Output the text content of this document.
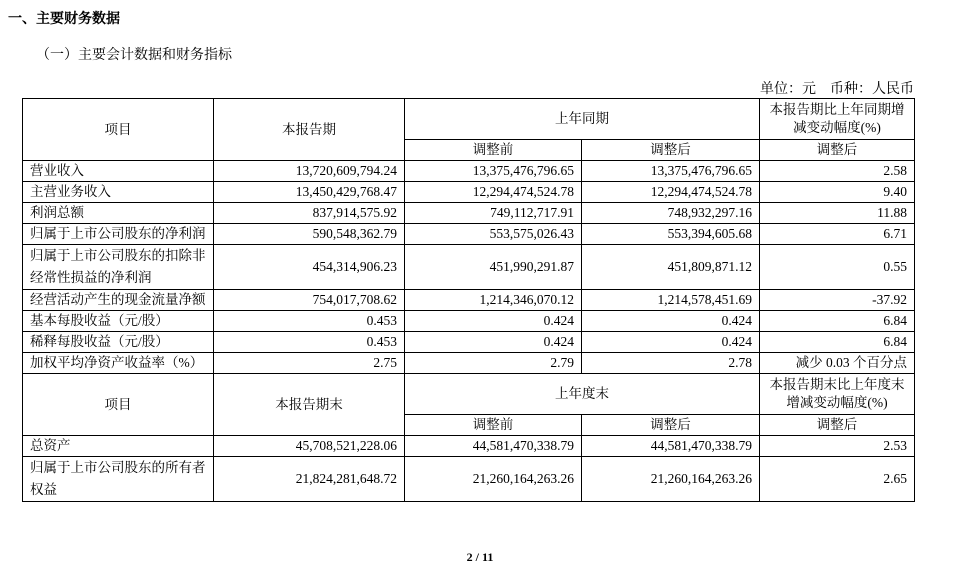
一、主要财务数据
（一）主要会计数据和财务指标
单位：元　币种：人民币
项目	本报告期	上年同期		本报告期比上年同期增减变动幅度(%)
		调整前	调整后	调整后
营业收入	13,720,609,794.24	13,375,476,796.65	13,375,476,796.65	2.58
主营业务收入	13,450,429,768.47	12,294,474,524.78	12,294,474,524.78	9.40
利润总额	837,914,575.92	749,112,717.91	748,932,297.16	11.88
归属于上市公司股东的净利润	590,548,362.79	553,575,026.43	553,394,605.68	6.71
归属于上市公司股东的扣除非经常性损益的净利润	454,314,906.23	451,990,291.87	451,809,871.12	0.55
经营活动产生的现金流量净额	754,017,708.62	1,214,346,070.12	1,214,578,451.69	-37.92
基本每股收益（元/股）	0.453	0.424	0.424	6.84
稀释每股收益（元/股）	0.453	0.424	0.424	6.84
加权平均净资产收益率（%）	2.75	2.79	2.78	减少 0.03 个百分点
项目	本报告期末	上年度末		本报告期末比上年度末增减变动幅度(%)
		调整前	调整后	调整后
总资产	45,708,521,228.06	44,581,470,338.79	44,581,470,338.79	2.53
归属于上市公司股东的所有者权益	21,824,281,648.72	21,260,164,263.26	21,260,164,263.26	2.65
2 / 11
